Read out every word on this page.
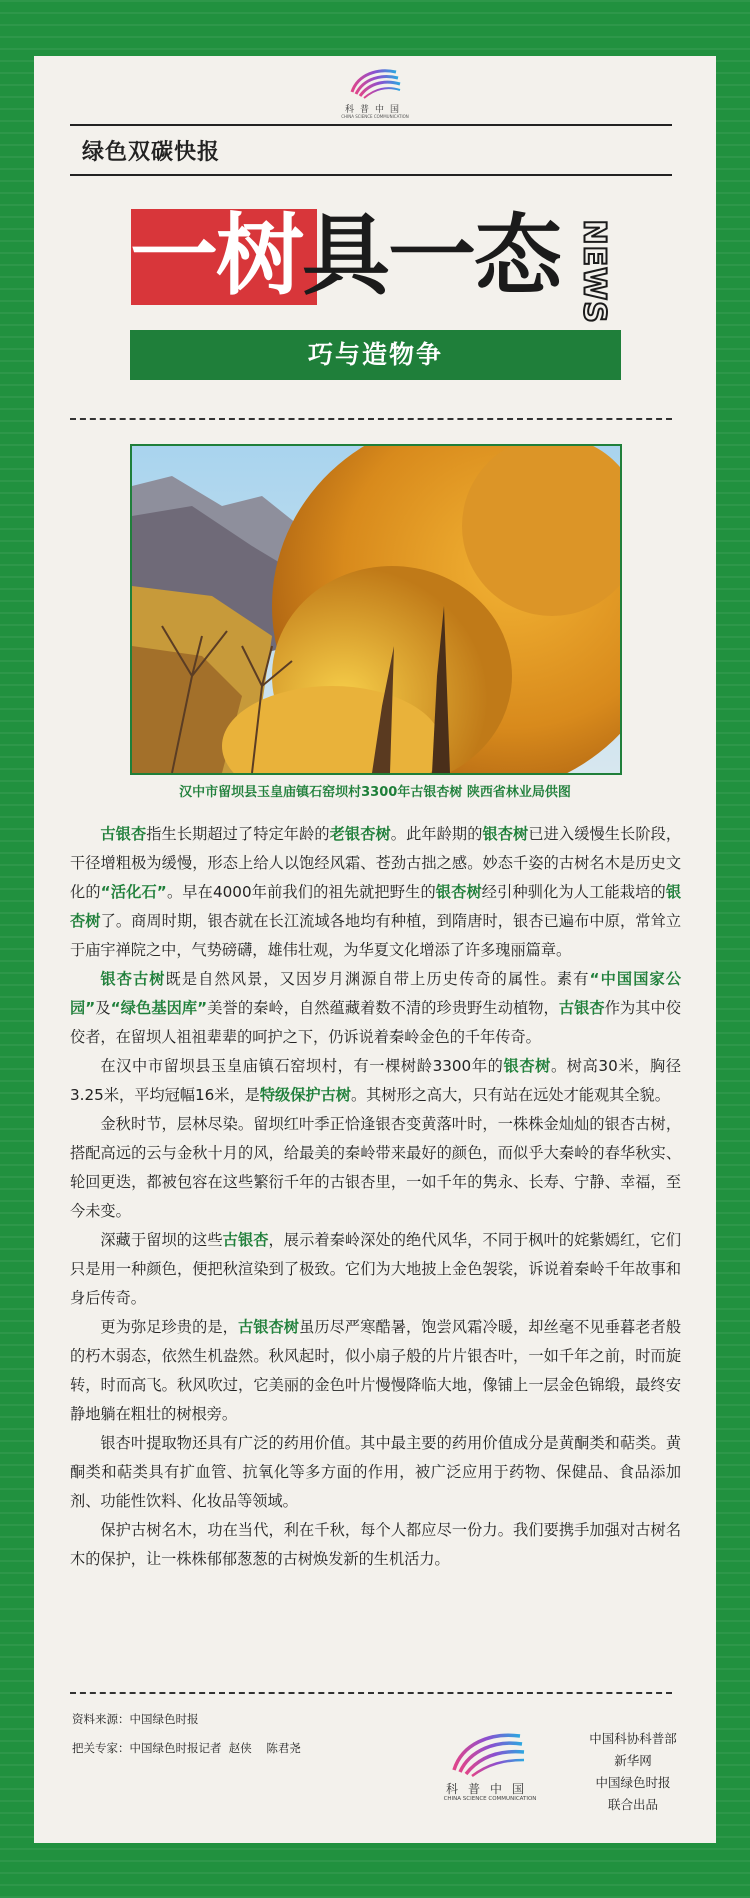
科普中国
CHINA SCIENCE COMMUNICATION
绿色双碳快报
一树具一态 NEWS
巧与造物争
汉中市留坝县玉皇庙镇石窑坝村3300年古银杏树 陕西省林业局供图

古银杏指生长期超过了特定年龄的老银杏树。此年龄期的银杏树已进入缓慢生长阶段，干径增粗极为缓慢，形态上给人以饱经风霜、苍劲古拙之感。妙态千姿的古树名木是历史文化的“活化石”。早在4000年前我们的祖先就把野生的银杏树经引种驯化为人工能栽培的银杏树了。商周时期，银杏就在长江流域各地均有种植，到隋唐时，银杏已遍布中原，常耸立于庙宇禅院之中，气势磅礴，雄伟壮观，为华夏文化增添了许多瑰丽篇章。

银杏古树既是自然风景，又因岁月渊源自带上历史传奇的属性。素有“中国国家公园”及“绿色基因库”美誉的秦岭，自然蕴藏着数不清的珍贵野生动植物，古银杏作为其中佼佼者，在留坝人祖祖辈辈的呵护之下，仍诉说着秦岭金色的千年传奇。

在汉中市留坝县玉皇庙镇石窑坝村，有一棵树龄3300年的银杏树。树高30米，胸径3.25米，平均冠幅16米，是特级保护古树。其树形之高大，只有站在远处才能观其全貌。

金秋时节，层林尽染。留坝红叶季正恰逢银杏变黄落叶时，一株株金灿灿的银杏古树，搭配高远的云与金秋十月的风，给最美的秦岭带来最好的颜色，而似乎大秦岭的春华秋实、轮回更迭，都被包容在这些繁衍千年的古银杏里，一如千年的隽永、长寿、宁静、幸福，至今未变。

深藏于留坝的这些古银杏，展示着秦岭深处的绝代风华，不同于枫叶的姹紫嫣红，它们只是用一种颜色，便把秋渲染到了极致。它们为大地披上金色袈裟，诉说着秦岭千年故事和身后传奇。

更为弥足珍贵的是，古银杏树虽历尽严寒酷暑，饱尝风霜冷暖，却丝毫不见垂暮老者般的朽木弱态，依然生机盎然。秋风起时，似小扇子般的片片银杏叶，一如千年之前，时而旋转，时而高飞。秋风吹过，它美丽的金色叶片慢慢降临大地，像铺上一层金色锦缎，最终安静地躺在粗壮的树根旁。

银杏叶提取物还具有广泛的药用价值。其中最主要的药用价值成分是黄酮类和萜类。黄酮类和萜类具有扩血管、抗氧化等多方面的作用，被广泛应用于药物、保健品、食品添加剂、功能性饮料、化妆品等领域。

保护古树名木，功在当代，利在千秋，每个人都应尽一份力。我们要携手加强对古树名木的保护，让一株株郁郁葱葱的古树焕发新的生机活力。

资料来源：中国绿色时报
把关专家：中国绿色时报记者  赵侠    陈君尧
科普中国
CHINA SCIENCE COMMUNICATION
中国科协科普部
新华网
中国绿色时报
联合出品
